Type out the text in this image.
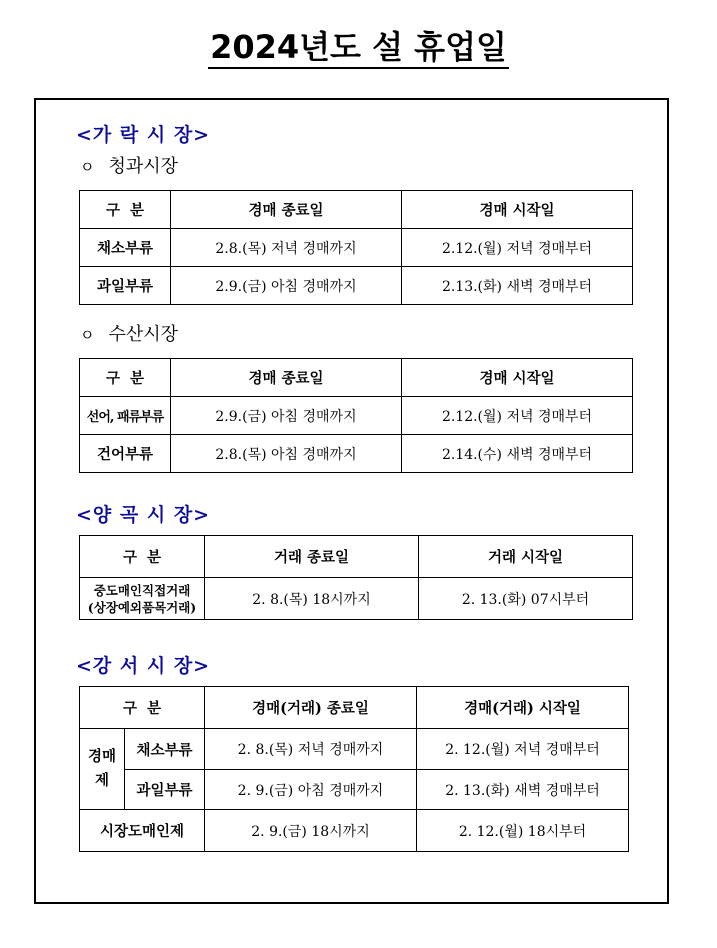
2024년도 설 휴업일
<가 락 시 장>
ㅇ 청과시장
구  분	경매 종료일	경매 시작일
채소부류	2.8.(목) 저녁 경매까지	2.12.(월) 저녁 경매부터
과일부류	2.9.(금) 아침 경매까지	2.13.(화) 새벽 경매부터
ㅇ 수산시장
구  분	경매 종료일	경매 시작일
선어, 패류부류	2.9.(금) 아침 경매까지	2.12.(월) 저녁 경매부터
건어부류	2.8.(목) 아침 경매까지	2.14.(수) 새벽 경매부터
<양 곡 시 장>
구  분	거래 종료일	거래 시작일

중도매인직접거래
(상장예외품목거래)	2. 8.(목) 18시까지	2. 13.(화) 07시부터
<강 서 시 장>
구  분		경매(거래) 종료일	경매(거래) 시작일

경매
제	채소부류	2. 8.(목) 저녁 경매까지	2. 12.(월) 저녁 경매부터
	과일부류	2. 9.(금) 아침 경매까지	2. 13.(화) 새벽 경매부터
시장도매인제		2. 9.(금) 18시까지	2. 12.(월) 18시부터
